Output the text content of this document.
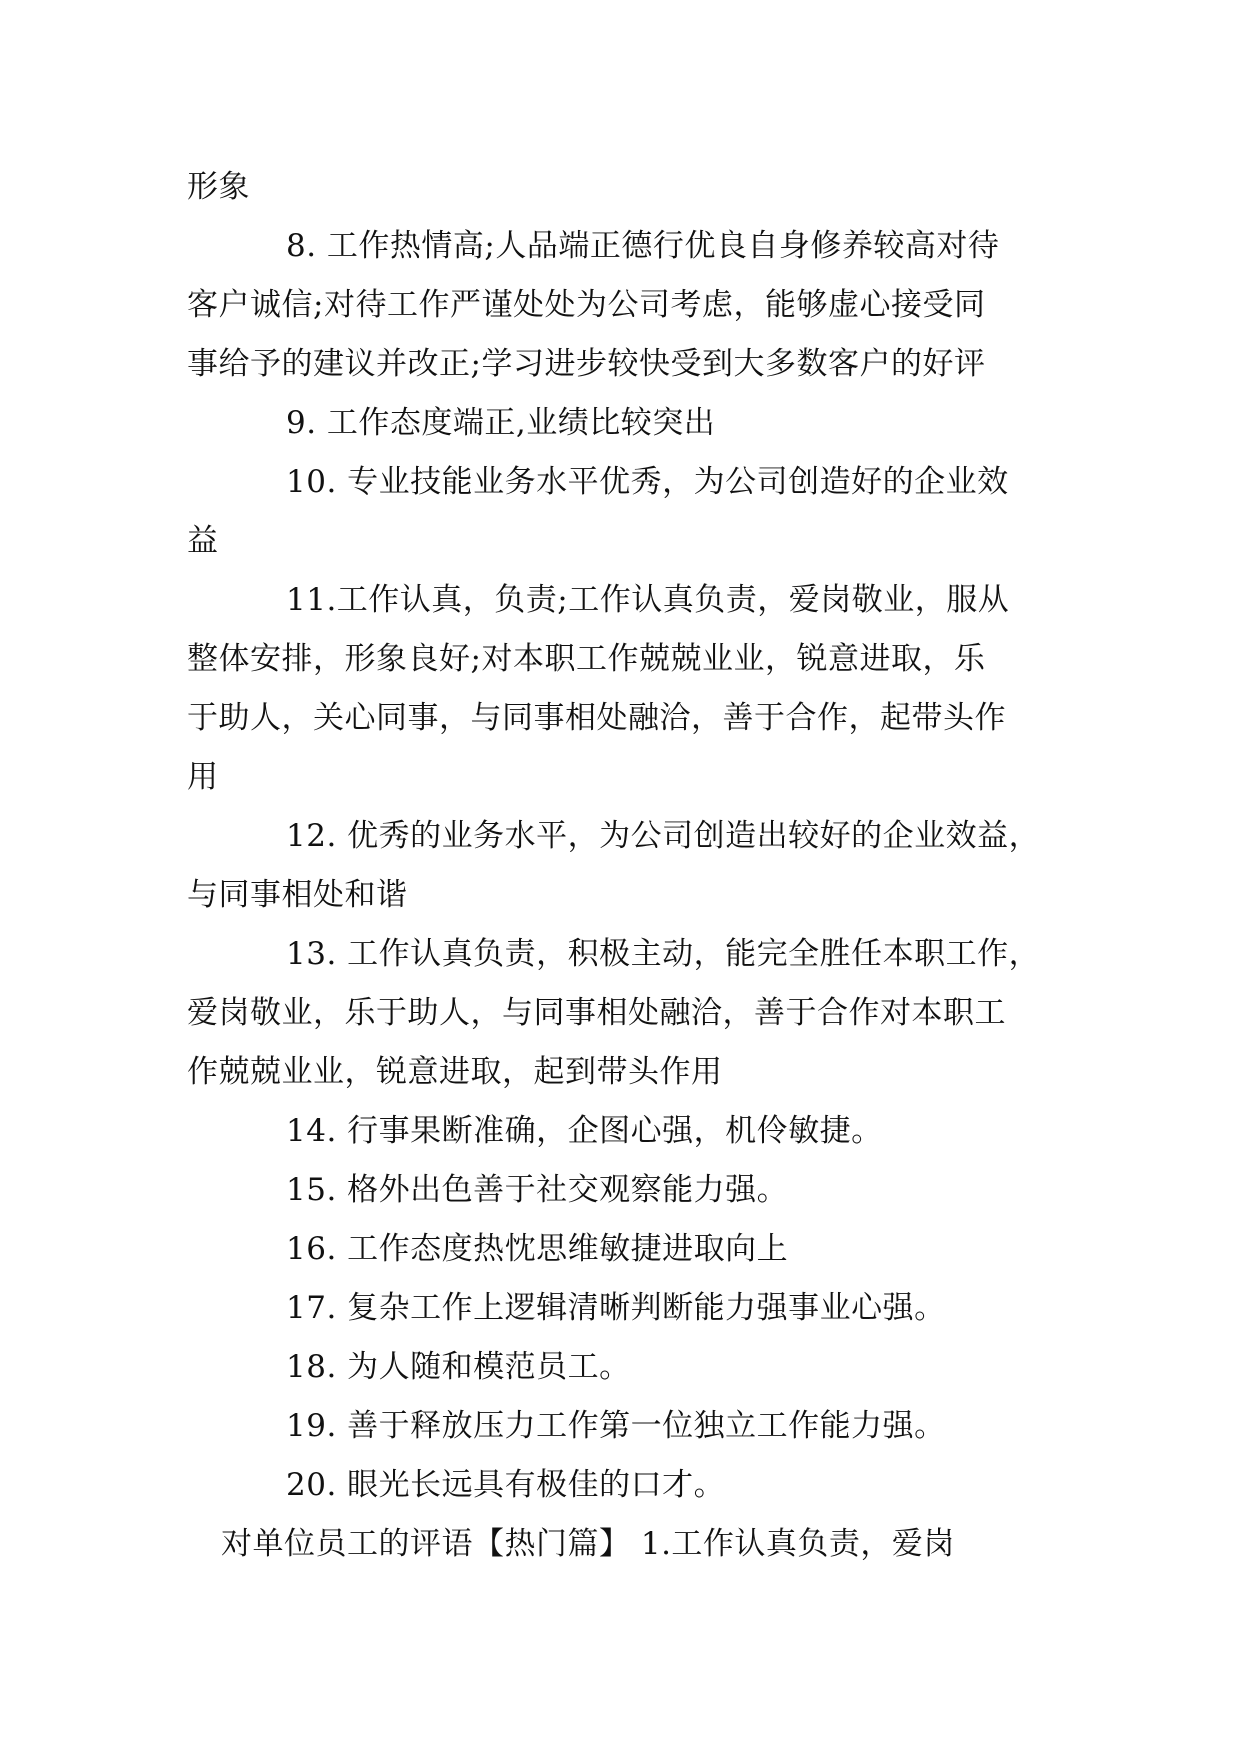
形象
8. 工作热情高;人品端正德行优良自身修养较高对待
客户诚信;对待工作严谨处处为公司考虑，能够虚心接受同
事给予的建议并改正;学习进步较快受到大多数客户的好评
9. 工作态度端正,业绩比较突出
10. 专业技能业务水平优秀，为公司创造好的企业效
益
11.工作认真，负责;工作认真负责，爱岗敬业，服从
整体安排，形象良好;对本职工作兢兢业业，锐意进取，乐
于助人，关心同事，与同事相处融洽，善于合作，起带头作
用
12. 优秀的业务水平，为公司创造出较好的企业效益，
与同事相处和谐
13. 工作认真负责，积极主动，能完全胜任本职工作，
爱岗敬业，乐于助人，与同事相处融洽，善于合作对本职工
作兢兢业业，锐意进取，起到带头作用
14. 行事果断准确，企图心强，机伶敏捷。
15. 格外出色善于社交观察能力强。
16. 工作态度热忱思维敏捷进取向上
17. 复杂工作上逻辑清晰判断能力强事业心强。
18. 为人随和模范员工。
19. 善于释放压力工作第一位独立工作能力强。
20. 眼光长远具有极佳的口才。
对单位员工的评语【热门篇】 1.工作认真负责，爱岗
